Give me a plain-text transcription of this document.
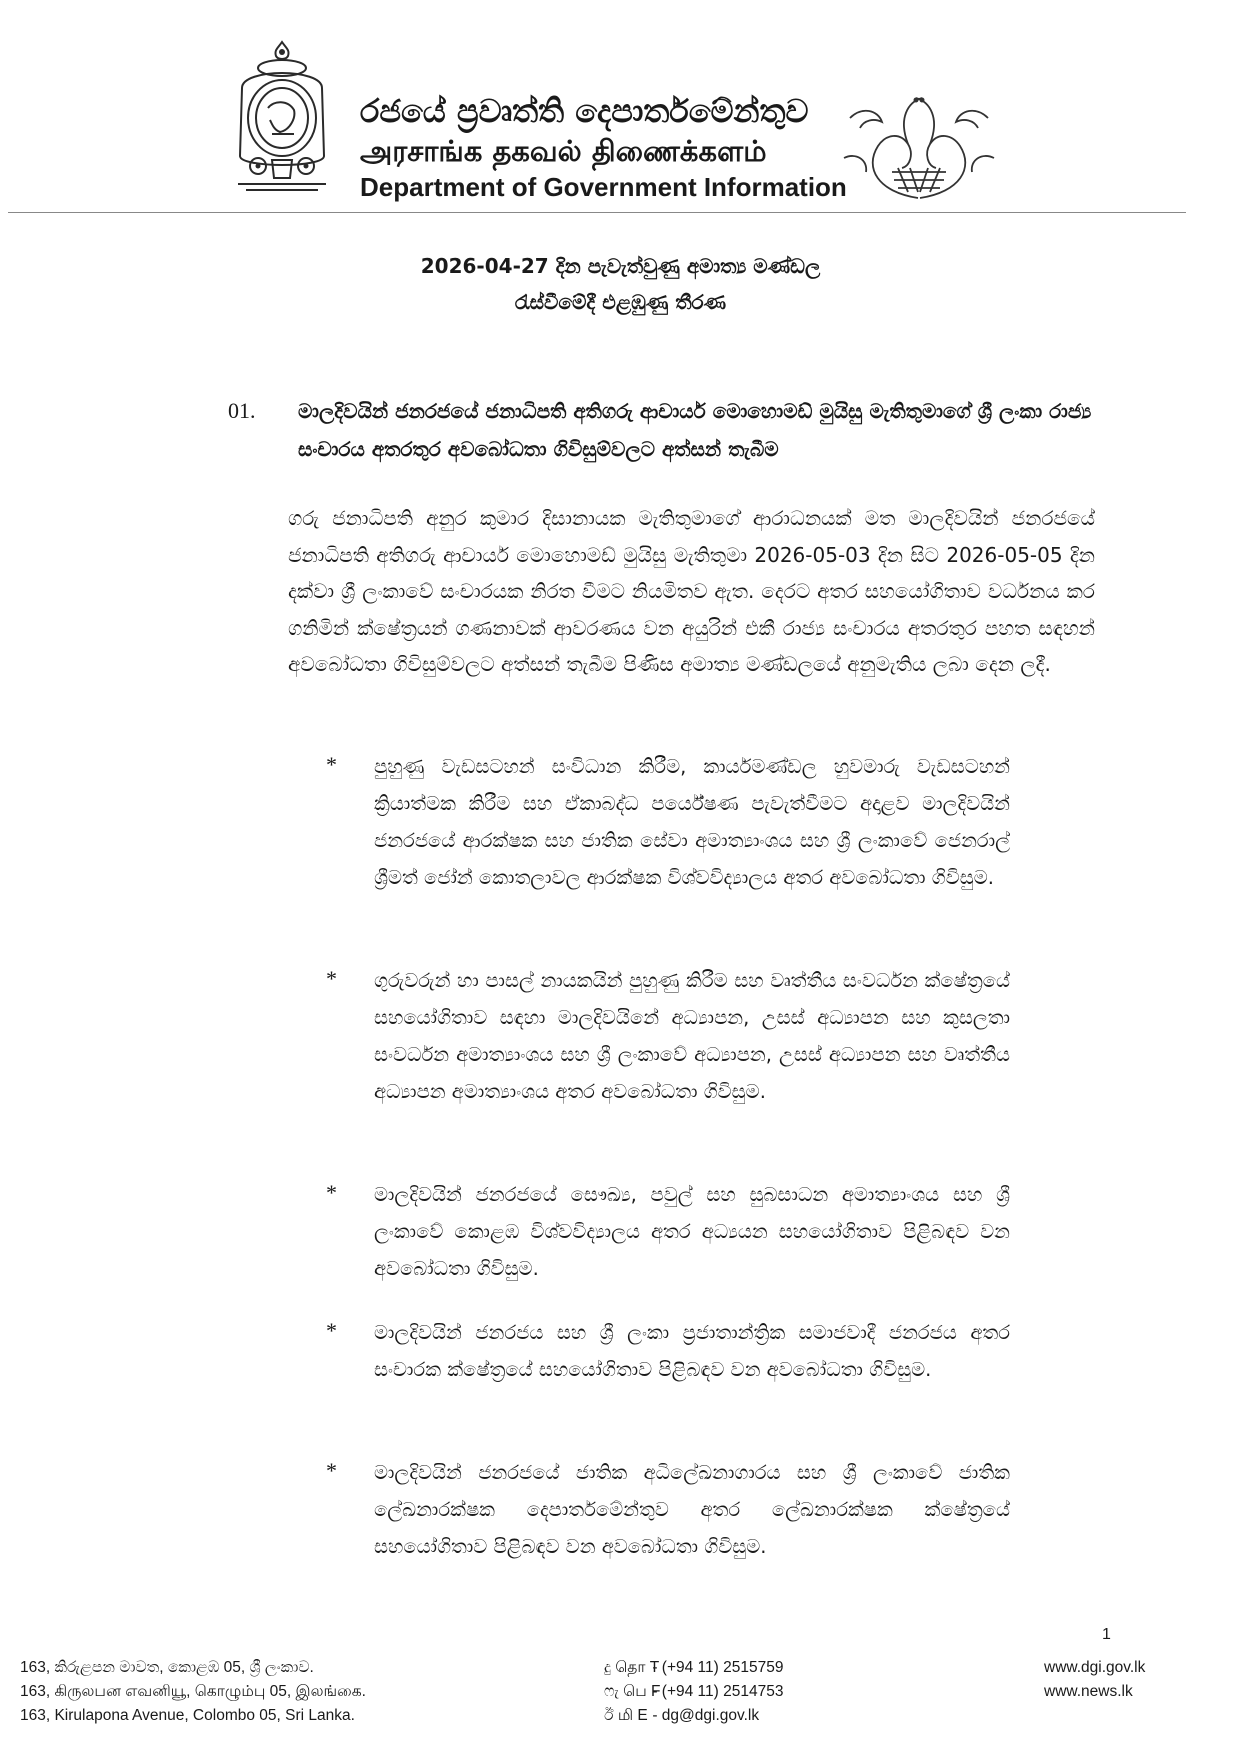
රජයේ ප්‍රවෘත්ති දෙපාර්තමේන්තුව
அரசாங்க தகவல் திணைக்களம்
Department of Government Information
2026-04-27 දින පැවැත්වුණු අමාත්‍ය මණ්ඩල
රැස්වීමේදී එළඹුණු තීරණ
01. මාලදිවයින් ජනරජයේ ජනාධිපති අතිගරු ආචාර්ය මොහොමඩ් මුයිසු මැතිතුමාගේ ශ්‍රී ලංකා රාජ්‍ය සංචාරය අතරතුර අවබෝධතා ගිවිසුම්වලට අත්සන් තැබීම
ගරු ජනාධිපති අනුර කුමාර දිසානායක මැතිතුමාගේ ආරාධනයක් මත මාලදිවයින් ජනරජයේ ජනාධිපති අතිගරු ආචාර්ය මොහොමඩ් මුයිසු මැතිතුමා 2026-05-03 දින සිට 2026-05-05 දින දක්වා ශ්‍රී ලංකාවේ සංචාරයක නිරත වීමට නියමිතව ඇත. දෙරට අතර සහයෝගිතාව වර්ධනය කර ගනිමින් ක්ෂේත්‍රයන් ගණනාවක් ආවරණය වන අයුරින් එකී රාජ්‍ය සංචාරය අතරතුර පහත සඳහන් අවබෝධතා ගිවිසුම්වලට අත්සන් තැබීම පිණිස අමාත්‍ය මණ්ඩලයේ අනුමැතිය ලබා දෙන ලදී.
* පුහුණු වැඩසටහන් සංවිධාන කිරීම, කාර්යමණ්ඩල හුවමාරු වැඩසටහන් ක්‍රියාත්මක කිරීම සහ ඒකාබද්ධ පර්යේෂණ පැවැත්වීමට අදාළව මාලදිවයින් ජනරජයේ ආරක්ෂක සහ ජාතික සේවා අමාත්‍යාංශය සහ ශ්‍රී ලංකාවේ ජෙනරාල් ශ්‍රීමත් ජෝන් කොතලාවල ආරක්ෂක විශ්වවිද්‍යාලය අතර අවබෝධතා ගිවිසුම.
* ගුරුවරුන් හා පාසල් නායකයින් පුහුණු කිරීම සහ වෘත්තීය සංවර්ධන ක්ෂේත්‍රයේ සහයෝගිතාව සඳහා මාලදිවයිනේ අධ්‍යාපන, උසස් අධ්‍යාපන සහ කුසලතා සංවර්ධන අමාත්‍යාංශය සහ ශ්‍රී ලංකාවේ අධ්‍යාපන, උසස් අධ්‍යාපන සහ වෘත්තීය අධ්‍යාපන අමාත්‍යාංශය අතර අවබෝධතා ගිවිසුම.
* මාලදිවයින් ජනරජයේ සෞඛ්‍ය, පවුල් සහ සුබසාධන අමාත්‍යාංශය සහ ශ්‍රී ලංකාවේ කොළඹ විශ්වවිද්‍යාලය අතර අධ්‍යයන සහයෝගිතාව පිළිබඳව වන අවබෝධතා ගිවිසුම.
* මාලදිවයින් ජනරජය සහ ශ්‍රී ලංකා ප්‍රජාතාන්ත්‍රික සමාජවාදී ජනරජය අතර සංචාරක ක්ෂේත්‍රයේ සහයෝගිතාව පිළිබඳව වන අවබෝධතා ගිවිසුම.
* මාලදිවයින් ජනරජයේ ජාතික අධිලේඛනාගාරය සහ ශ්‍රී ලංකාවේ ජාතික ලේඛනාරක්ෂක දෙපාර්තමේන්තුව අතර ලේඛනාරක්ෂක ක්ෂේත්‍රයේ සහයෝගිතාව පිළිබඳව වන අවබෝධතා ගිවිසුම.
1
163, කිරුළපන මාවත, කොළඹ 05, ශ්‍රී ලංකාව.
163, கிருலபன எவனியூ, கொழும்பு 05, இலங்கை.
163, Kirulapona Avenue, Colombo 05, Sri Lanka.
දු தொ T - (+94 11) 2515759
ෆැ பெ F - (+94 11) 2514753
ඊ மி E - dg@dgi.gov.lk
www.dgi.gov.lk
www.news.lk
